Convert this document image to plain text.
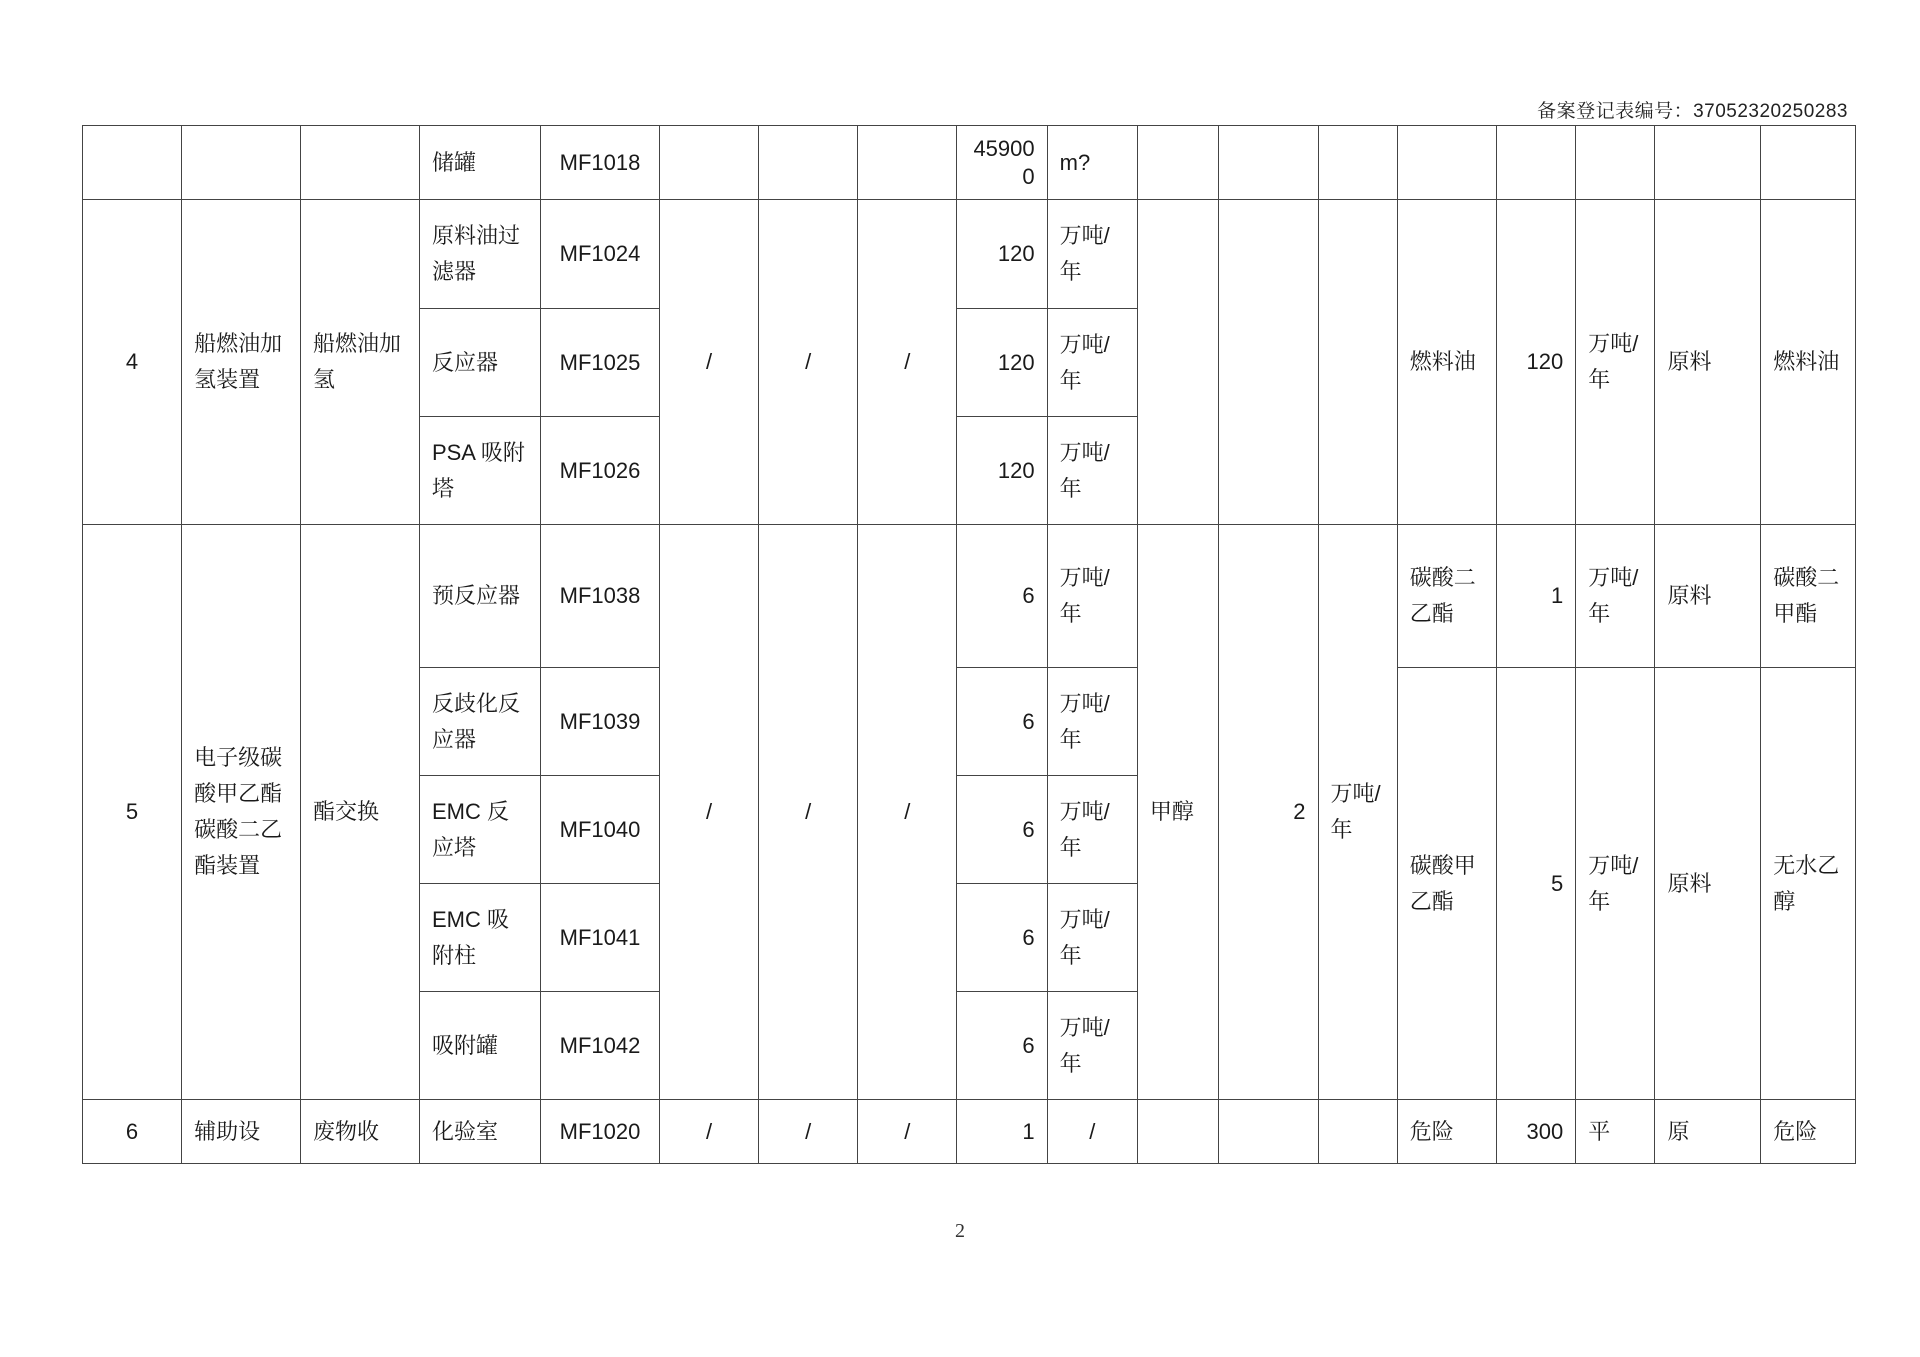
备案登记表编号：37052320250283
			储罐	MF1018				459000	m?								
4	船燃油加氢装置	船燃油加氢	原料油过滤器	MF1024	/	/	/	120	万吨/年				燃料油	120	万吨/年	原料	燃料油
			反应器	MF1025				120	万吨/年								
			PSA 吸附塔	MF1026				120	万吨/年								
5	电子级碳酸甲乙酯碳酸二乙酯装置	酯交换	预反应器	MF1038	/	/	/	6	万吨/年	甲醇	2	万吨/年	碳酸二乙酯	1	万吨/年	原料	碳酸二甲酯
			反歧化反应器	MF1039				6	万吨/年				碳酸甲乙酯	5	万吨/年	原料	无水乙醇
			EMC 反应塔	MF1040				6	万吨/年								
			EMC 吸附柱	MF1041				6	万吨/年								
			吸附罐	MF1042				6	万吨/年								
6	辅助设	废物收	化验室	MF1020	/	/	/	1	/				危险	300	平	原	危险
2
